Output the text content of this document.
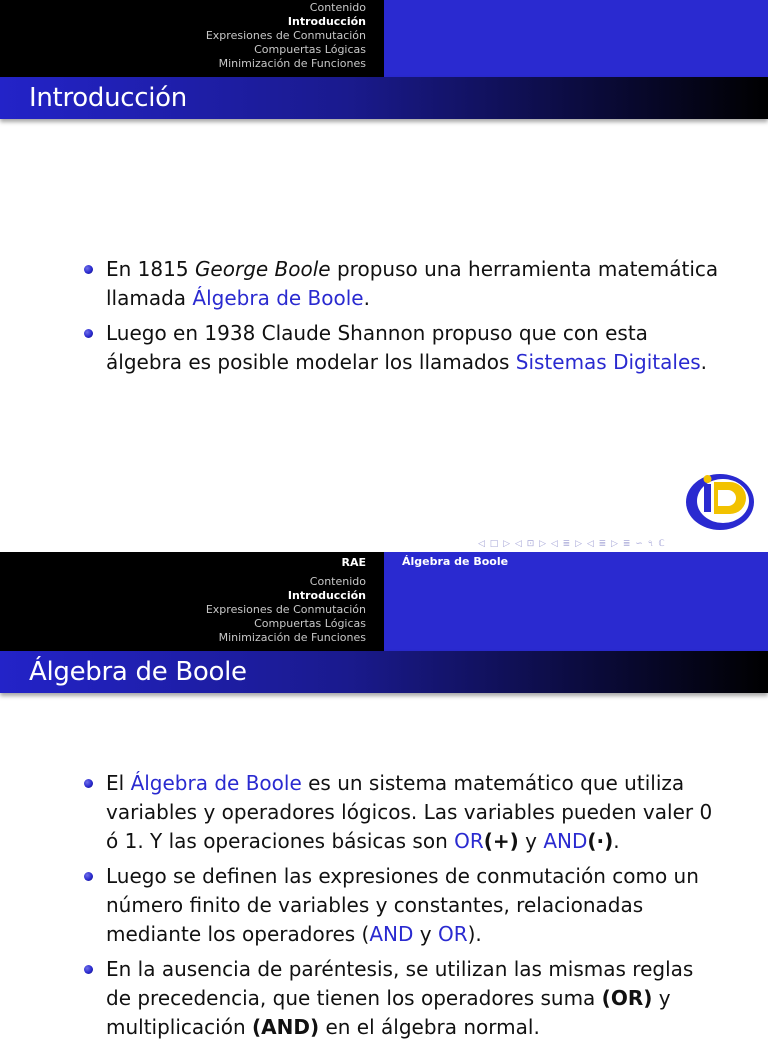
Contenido
Introducción
Expresiones de Conmutación
Compuertas Lógicas
Minimización de Funciones
Introducción
En 1815 George Boole propuso una herramienta matemática llamada Álgebra de Boole.
Luego en 1938 Claude Shannon propuso que con esta álgebra es posible modelar los llamados Sistemas Digitales.
◁ □ ▷ ◁ ⊡ ▷ ◁ ≣ ▷ ◁ ≣ ▷ ≣ ∽ ৭ ℂ
RAE
Contenido
Introducción
Expresiones de Conmutación
Compuertas Lógicas
Minimización de Funciones
Álgebra de Boole
Álgebra de Boole
El Álgebra de Boole es un sistema matemático que utiliza variables y operadores lógicos. Las variables pueden valer 0 ó 1. Y las operaciones básicas son OR(+) y AND(·).
Luego se definen las expresiones de conmutación como un número finito de variables y constantes, relacionadas mediante los operadores (AND y OR).
En la ausencia de paréntesis, se utilizan las mismas reglas de precedencia, que tienen los operadores suma (OR) y multiplicación (AND) en el álgebra normal.
